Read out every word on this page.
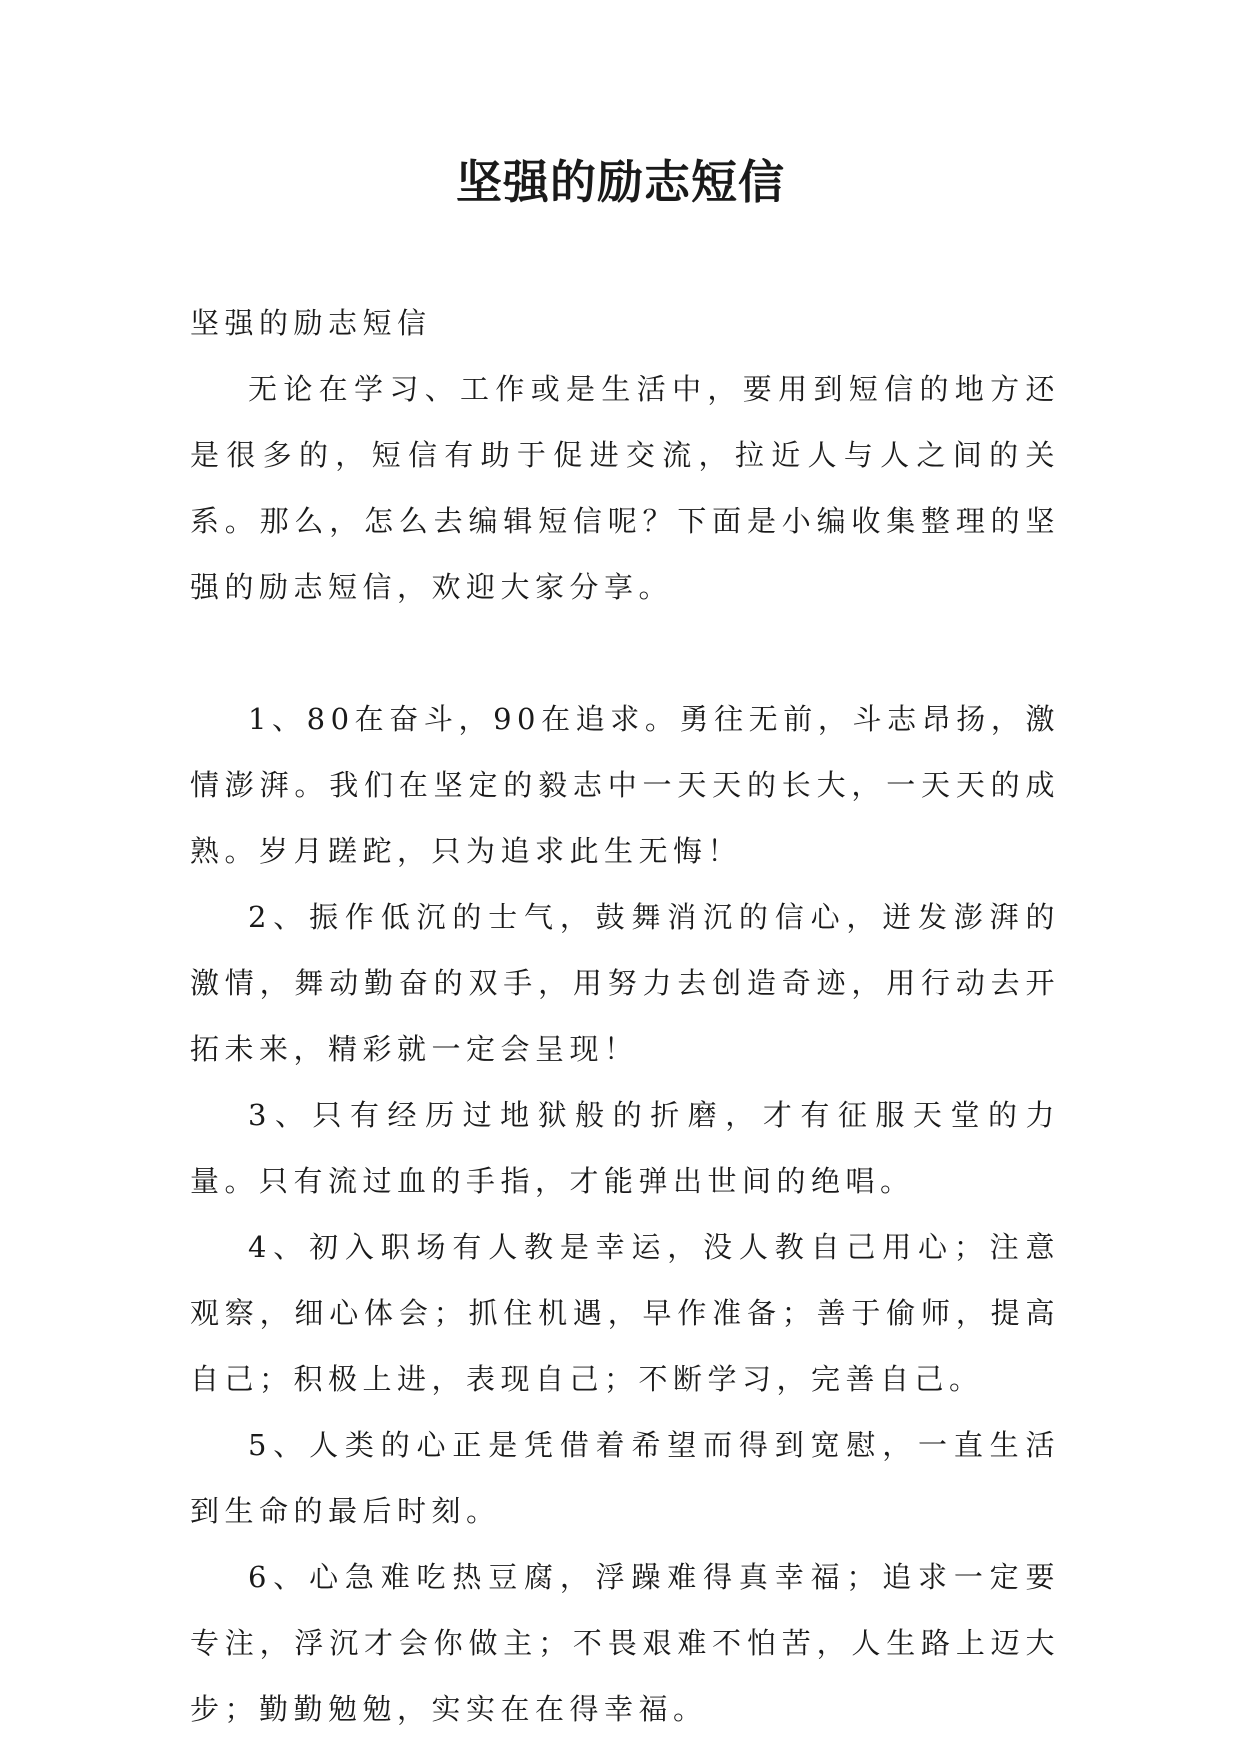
坚强的励志短信

坚强的励志短信

无论在学习、工作或是生活中，要用到短信的地方还是很多的，短信有助于促进交流，拉近人与人之间的关系。那么，怎么去编辑短信呢？下面是小编收集整理的坚强的励志短信，欢迎大家分享。

1、80在奋斗，90在追求。勇往无前，斗志昂扬，激情澎湃。我们在坚定的毅志中一天天的长大，一天天的成熟。岁月蹉跎，只为追求此生无悔！

2、振作低沉的士气，鼓舞消沉的信心，迸发澎湃的激情，舞动勤奋的双手，用努力去创造奇迹，用行动去开拓未来，精彩就一定会呈现！

3、只有经历过地狱般的折磨，才有征服天堂的力量。只有流过血的手指，才能弹出世间的绝唱。

4、初入职场有人教是幸运，没人教自己用心；注意观察，细心体会；抓住机遇，早作准备；善于偷师，提高自己；积极上进，表现自己；不断学习，完善自己。

5、人类的心正是凭借着希望而得到宽慰，一直生活到生命的最后时刻。

6、心急难吃热豆腐，浮躁难得真幸福；追求一定要专注，浮沉才会你做主；不畏艰难不怕苦，人生路上迈大步；勤勤勉勉，实实在在得幸福。
